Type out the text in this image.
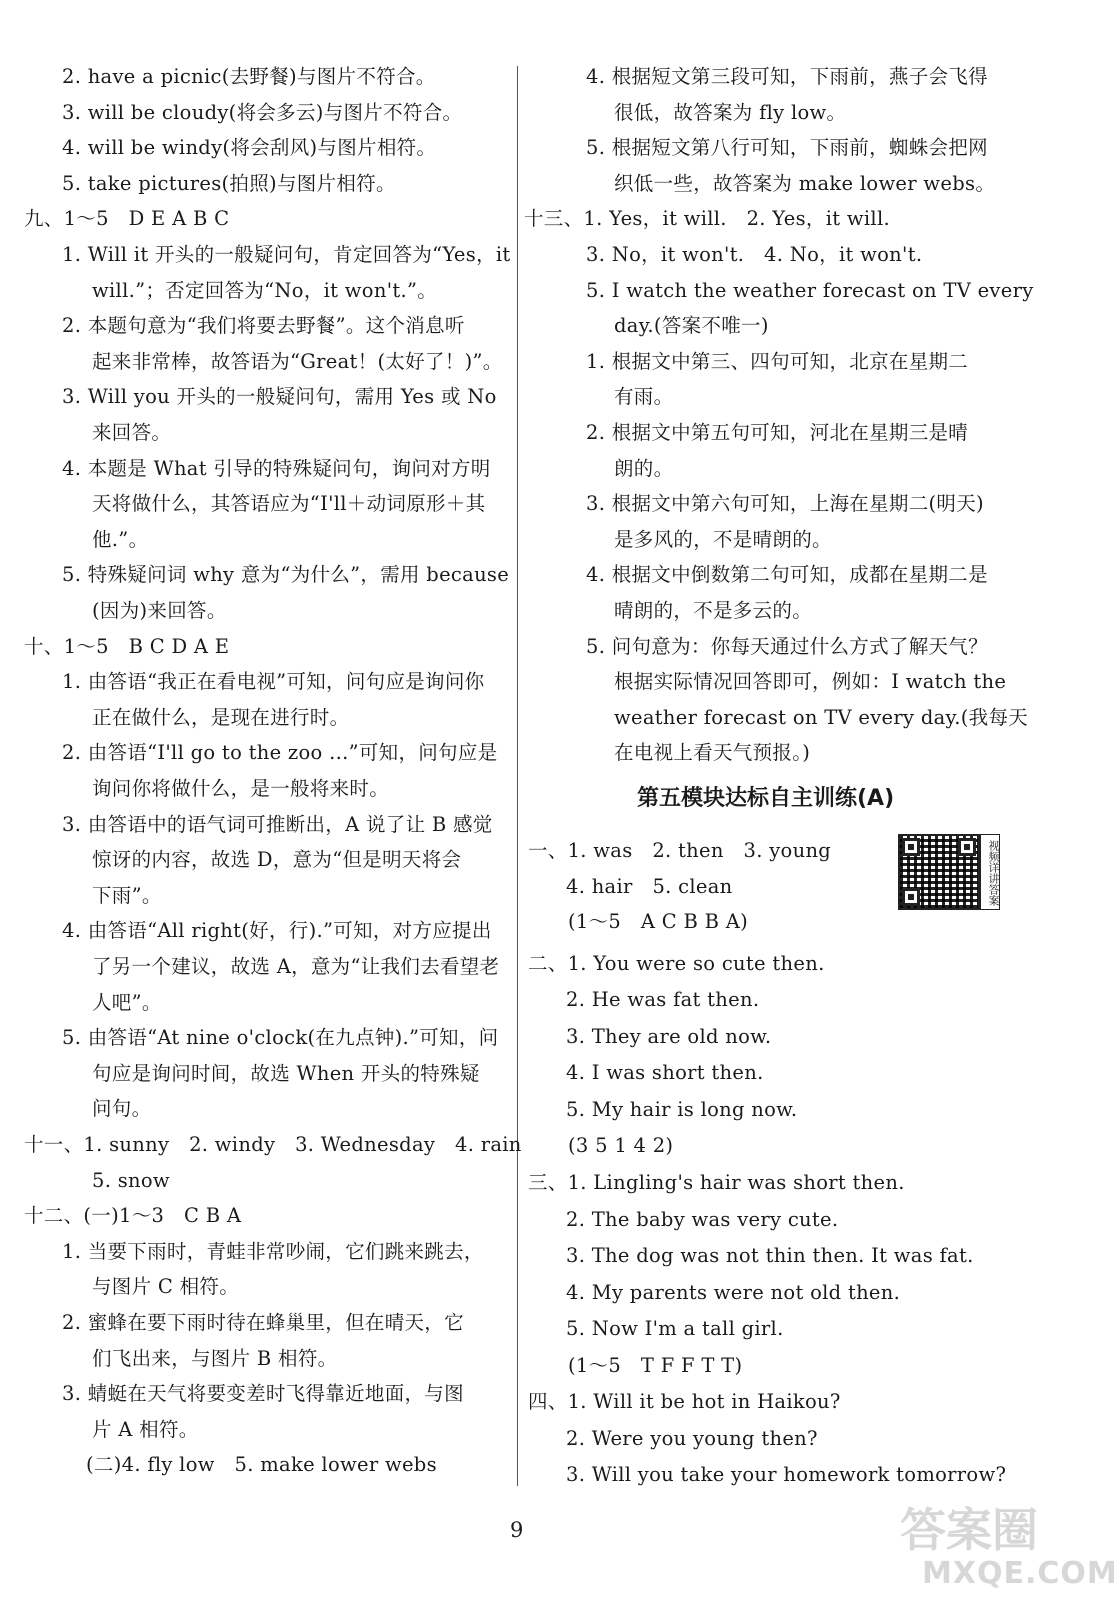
2. have a picnic(去野餐)与图片不符合。
3. will be cloudy(将会多云)与图片不符合。
4. will be windy(将会刮风)与图片相符。
5. take pictures(拍照)与图片相符。
九、1～5　D E A B C
1. Will it 开头的一般疑问句，肯定回答为“Yes，it
will.”；否定回答为“No，it won't.”。
2. 本题句意为“我们将要去野餐”。这个消息听
起来非常棒，故答语为“Great！(太好了！)”。
3. Will you 开头的一般疑问句，需用 Yes 或 No
来回答。
4. 本题是 What 引导的特殊疑问句，询问对方明
天将做什么，其答语应为“I'll＋动词原形＋其
他.”。
5. 特殊疑问词 why 意为“为什么”，需用 because
(因为)来回答。
十、1～5　B C D A E
1. 由答语“我正在看电视”可知，问句应是询问你
正在做什么，是现在进行时。
2. 由答语“I'll go to the zoo ...”可知，问句应是
询问你将做什么，是一般将来时。
3. 由答语中的语气词可推断出，A 说了让 B 感觉
惊讶的内容，故选 D，意为“但是明天将会
下雨”。
4. 由答语“All right(好，行).”可知，对方应提出
了另一个建议，故选 A，意为“让我们去看望老
人吧”。
5. 由答语“At nine o'clock(在九点钟).”可知，问
句应是询问时间，故选 When 开头的特殊疑
问句。
十一、1. sunny　2. windy　3. Wednesday　4. rain
5. snow
十二、(一)1～3　C B A
1. 当要下雨时，青蛙非常吵闹，它们跳来跳去，
与图片 C 相符。
2. 蜜蜂在要下雨时待在蜂巢里，但在晴天，它
们飞出来，与图片 B 相符。
3. 蜻蜓在天气将要变差时飞得靠近地面，与图
片 A 相符。
(二)4. fly low　5. make lower webs
4. 根据短文第三段可知，下雨前，燕子会飞得
很低，故答案为 fly low。
5. 根据短文第八行可知，下雨前，蜘蛛会把网
织低一些，故答案为 make lower webs。
十三、1. Yes，it will.　2. Yes，it will.
3. No，it won't.　4. No，it won't.
5. I watch the weather forecast on TV every
day.(答案不唯一)
1. 根据文中第三、四句可知，北京在星期二
有雨。
2. 根据文中第五句可知，河北在星期三是晴
朗的。
3. 根据文中第六句可知，上海在星期二(明天)
是多风的，不是晴朗的。
4. 根据文中倒数第二句可知，成都在星期二是
晴朗的，不是多云的。
5. 问句意为：你每天通过什么方式了解天气？
根据实际情况回答即可，例如：I watch the
weather forecast on TV every day.(我每天
在电视上看天气预报。)
一、1. was　2. then　3. young
4. hair　5. clean
(1～5　A C B B A)
二、1. You were so cute then.
2. He was fat then.
3. They are old now.
4. I was short then.
5. My hair is long now.
(3 5 1 4 2)
三、1. Lingling's hair was short then.
2. The baby was very cute.
3. The dog was not thin then. It was fat.
4. My parents were not old then.
5. Now I'm a tall girl.
(1～5　T F F T T)
四、1. Will it be hot in Haikou?
2. Were you young then?
3. Will you take your homework tomorrow?
第五模块达标自主训练(A)
视频详讲答案
9	答案圈
MXQE.COM
